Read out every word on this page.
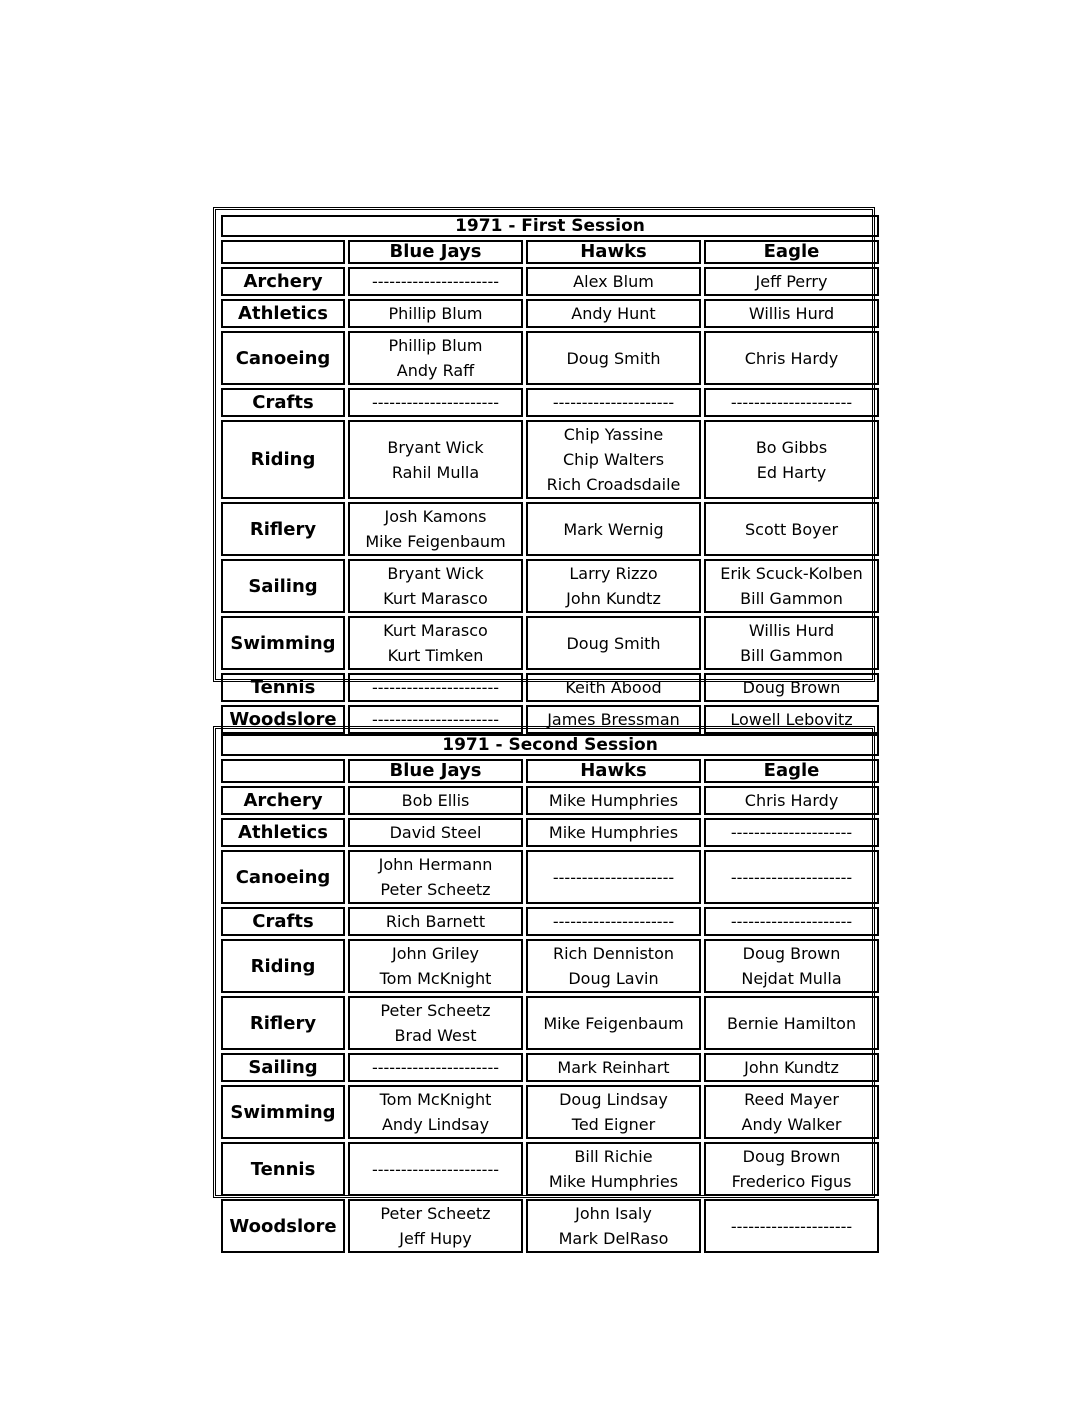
1971 - First Session			
	Blue Jays	Hawks	Eagle
Archery	----------------------	Alex Blum	Jeff Perry

Athletics	Phillip Blum	Andy Hunt	Willis Hurd

Canoeing	Phillip Blum
Andy Raff	Doug Smith	Chris Hardy

Crafts	----------------------	---------------------	---------------------

Riding	Bryant Wick
Rahil Mulla	Chip Yassine
Chip Walters
Rich Croadsdaile	Bo Gibbs
Ed Harty

Riflery	Josh Kamons
Mike Feigenbaum	Mark Wernig	Scott Boyer

Sailing	Bryant Wick
Kurt Marasco	Larry Rizzo
John Kundtz	Erik Scuck-Kolben
Bill Gammon

Swimming	Kurt Marasco
Kurt Timken	Doug Smith	Willis Hurd
Bill Gammon

Tennis	----------------------	Keith Abood	Doug Brown

Woodslore	----------------------	James Bressman	Lowell Lebovitz
1971 - Second Session			
	Blue Jays	Hawks	Eagle
Archery	Bob Ellis	Mike Humphries	Chris Hardy

Athletics	David Steel	Mike Humphries	---------------------

Canoeing	John Hermann
Peter Scheetz	---------------------	---------------------

Crafts	Rich Barnett	---------------------	---------------------

Riding	John Griley
Tom McKnight	Rich Denniston
Doug Lavin	Doug Brown
Nejdat Mulla

Riflery	Peter Scheetz
Brad West	Mike Feigenbaum	Bernie Hamilton

Sailing	----------------------	Mark Reinhart	John Kundtz

Swimming	Tom McKnight
Andy Lindsay	Doug Lindsay
Ted Eigner	Reed Mayer
Andy Walker

Tennis	----------------------	Bill Richie
Mike Humphries	Doug Brown
Frederico Figus

Woodslore	Peter Scheetz
Jeff Hupy	John Isaly
Mark DelRaso	---------------------
